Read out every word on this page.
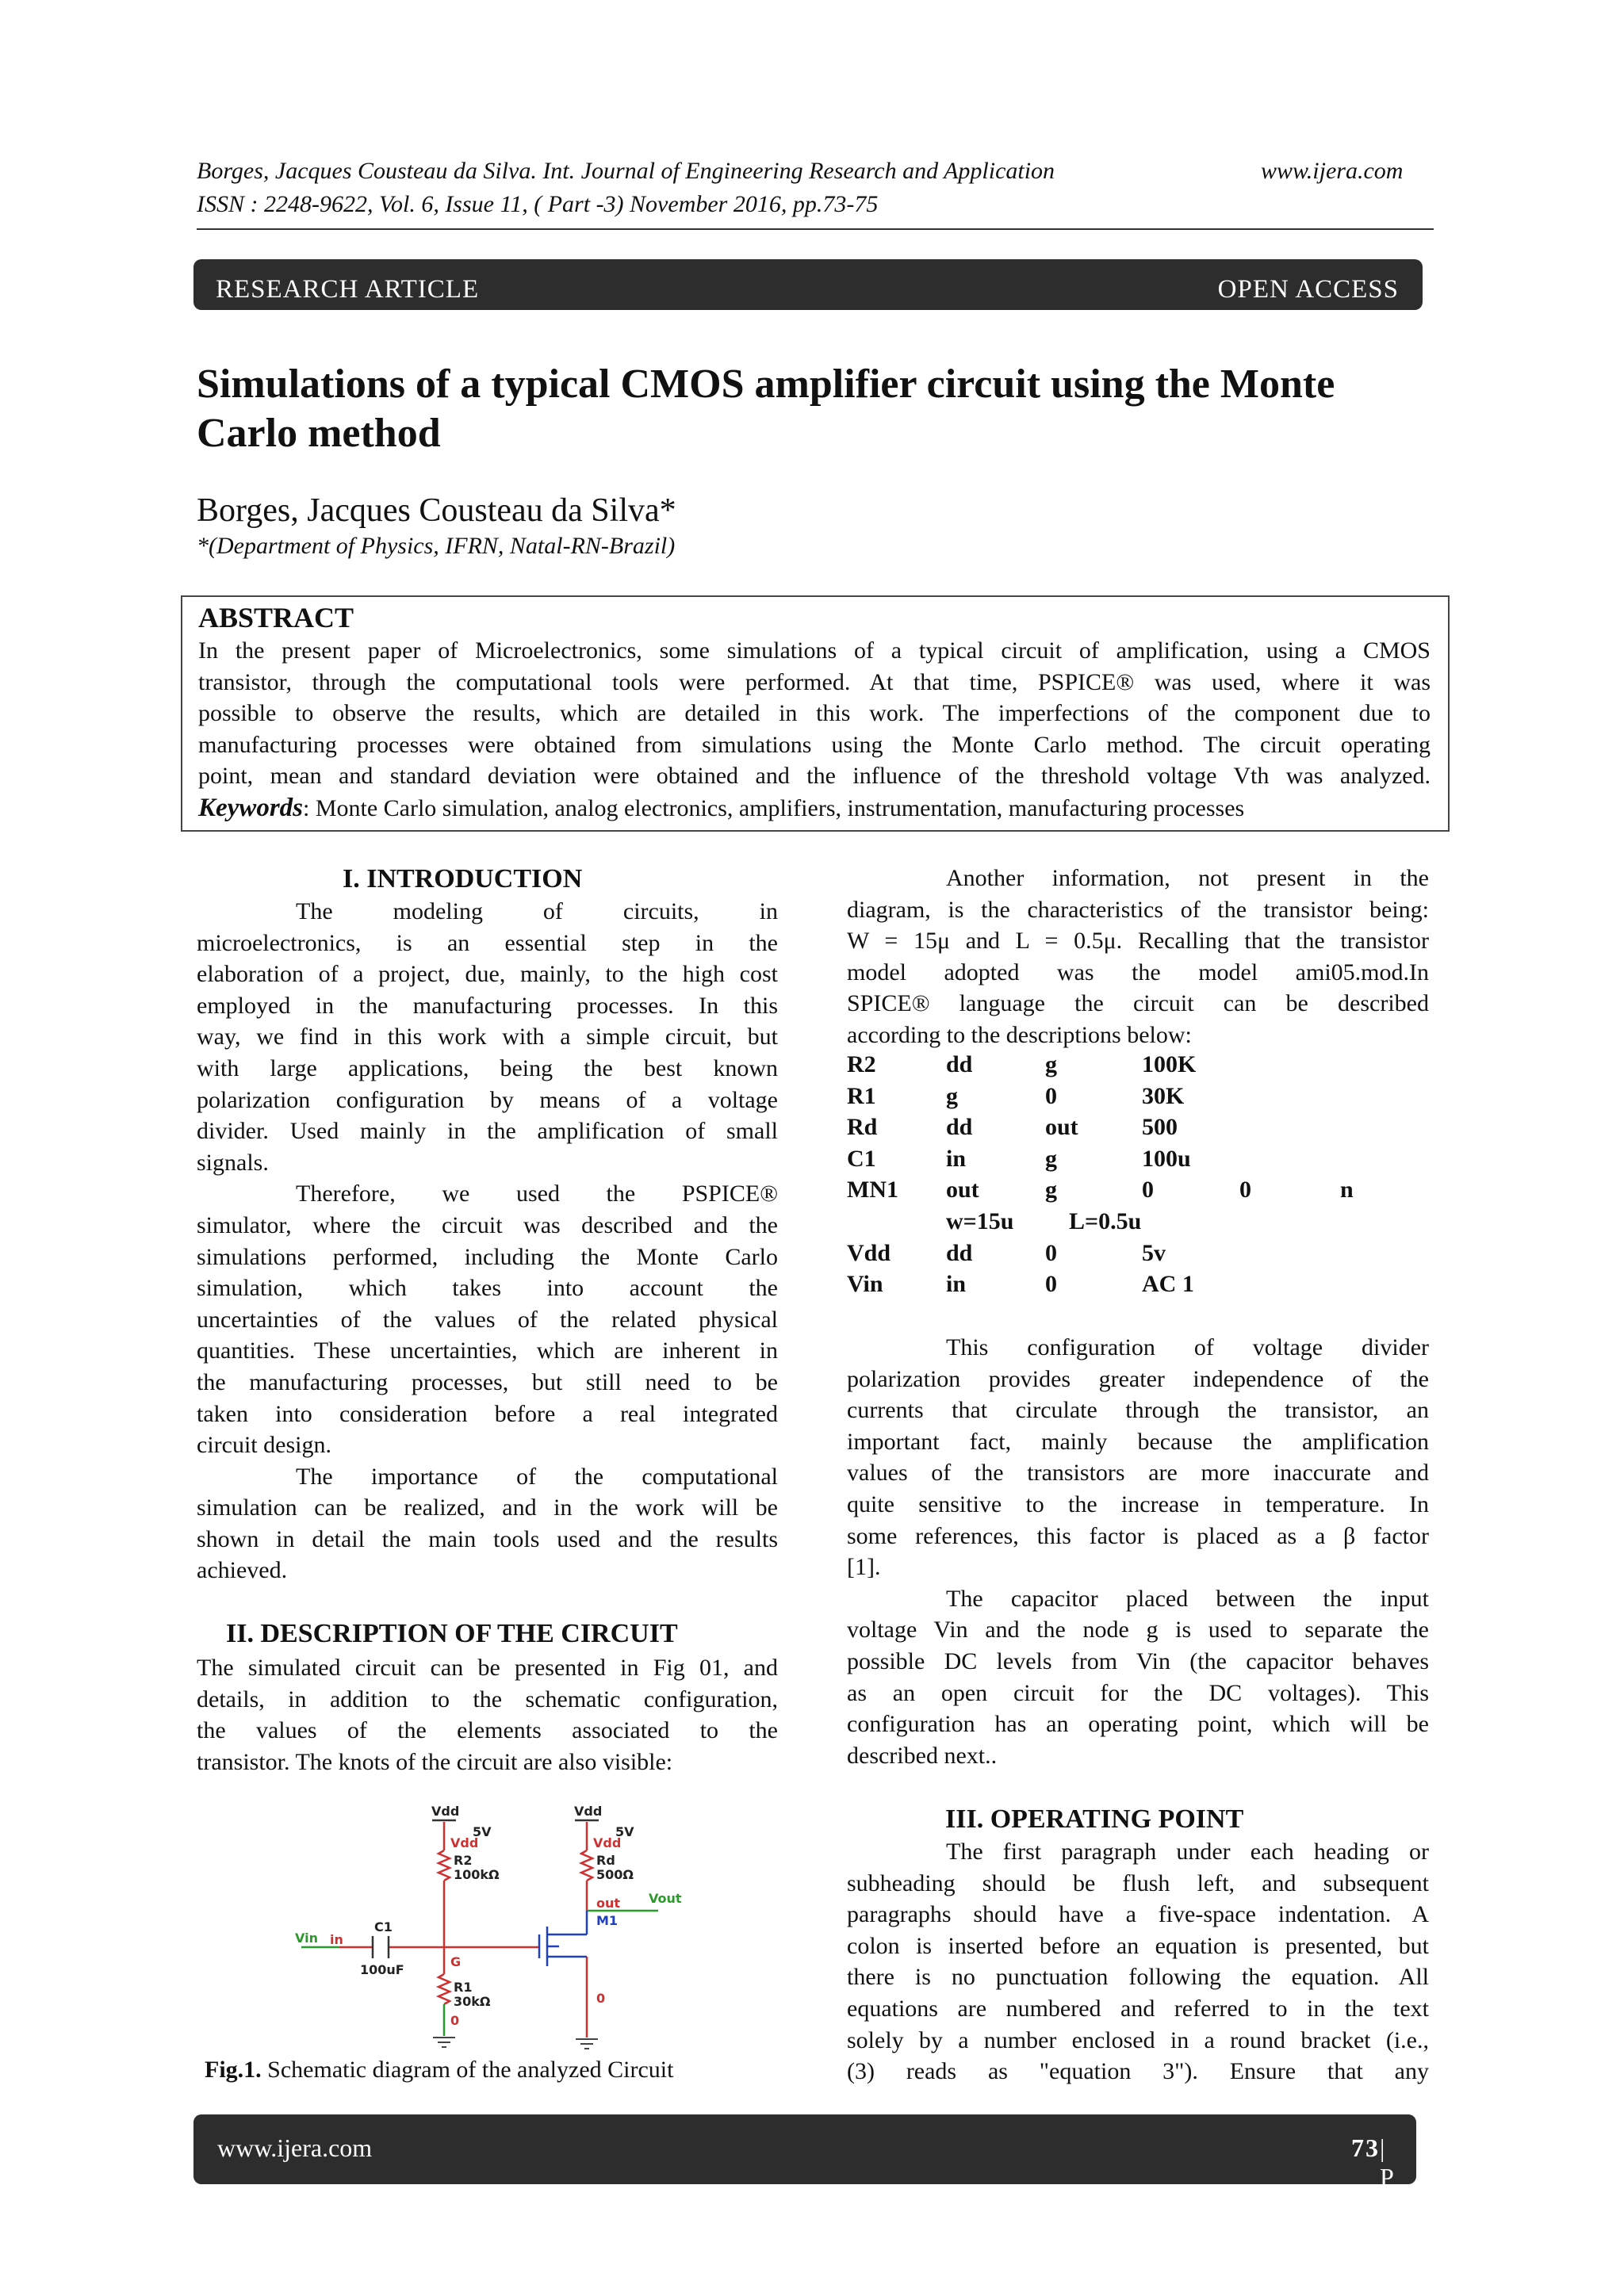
Borges, Jacques Cousteau da Silva. Int. Journal of Engineering Research and Application	www.ijera.com
ISSN : 2248-9622, Vol. 6, Issue 11, ( Part -3) November 2016, pp.73-75
RESEARCH ARTICLE	OPEN ACCESS
Simulations of a typical CMOS amplifier circuit using the Monte
Carlo method
Borges, Jacques Cousteau da Silva*
*(Department of Physics, IFRN, Natal-RN-Brazil)
ABSTRACT
In the present paper of Microelectronics, some simulations of a typical circuit of amplification, using a CMOS
transistor, through the computational tools were performed. At that time, PSPICE® was used, where it was
possible to observe the results, which are detailed in this work. The imperfections of the component due to
manufacturing processes were obtained from simulations using the Monte Carlo method. The circuit operating
point, mean and standard deviation were obtained and the influence of the threshold voltage Vth was analyzed.
Keywords: Monte Carlo simulation, analog electronics, amplifiers, instrumentation, manufacturing processes
I. INTRODUCTION
The modeling of circuits, in
microelectronics, is an essential step in the
elaboration of a project, due, mainly, to the high cost
employed in the manufacturing processes. In this
way, we find in this work with a simple circuit, but
with large applications, being the best known
polarization configuration by means of a voltage
divider. Used mainly in the amplification of small
signals.
Therefore, we used the PSPICE®
simulator, where the circuit was described and the
simulations performed, including the Monte Carlo
simulation, which takes into account the
uncertainties of the values of the related physical
quantities. These uncertainties, which are inherent in
the manufacturing processes, but still need to be
taken into consideration before a real integrated
circuit design.
The importance of the computational
simulation can be realized, and in the work will be
shown in detail the main tools used and the results
achieved.
II. DESCRIPTION OF THE CIRCUIT
The simulated circuit can be presented in Fig 01, and
details, in addition to the schematic configuration,
the values of the elements associated to the
transistor. The knots of the circuit are also visible:
Vdd
5V
Vdd
R2
100kΩ
Vdd
5V
Vdd
Rd
500Ω
out Vout
M1
Vin in
C1
100uF
G
R1
30kΩ
0
0
Fig.1. Schematic diagram of the analyzed Circuit
Another information, not present in the
diagram, is the characteristics of the transistor being:
W = 15μ and L = 0.5μ. Recalling that the transistor
model adopted was the model ami05.mod.In
SPICE® language the circuit can be described
according to the descriptions below:
R2	dd	g	100K
R1	g	0	30K
Rd	dd	out	500
C1	in	g	100u
MN1 out	g	0	0	n
w=15u L=0.5u
Vdd dd	0	5v
Vin	in	0	AC 1
This configuration of voltage divider
polarization provides greater independence of the
currents that circulate through the transistor, an
important fact, mainly because the amplification
values of the transistors are more inaccurate and
quite sensitive to the increase in temperature. In
some references, this factor is placed as a β factor
[1].
The capacitor placed between the input
voltage Vin and the node g is used to separate the
possible DC levels from Vin (the capacitor behaves
as an open circuit for the DC voltages). This
configuration has an operating point, which will be
described next..
III. OPERATING POINT
The first paragraph under each heading or
subheading should be flush left, and subsequent
paragraphs should have a five-space indentation. A
colon is inserted before an equation is presented, but
there is no punctuation following the equation. All
equations are numbered and referred to in the text
solely by a number enclosed in a round bracket (i.e.,
(3) reads as "equation 3"). Ensure that any
www.ijera.com	73 | P a g e
